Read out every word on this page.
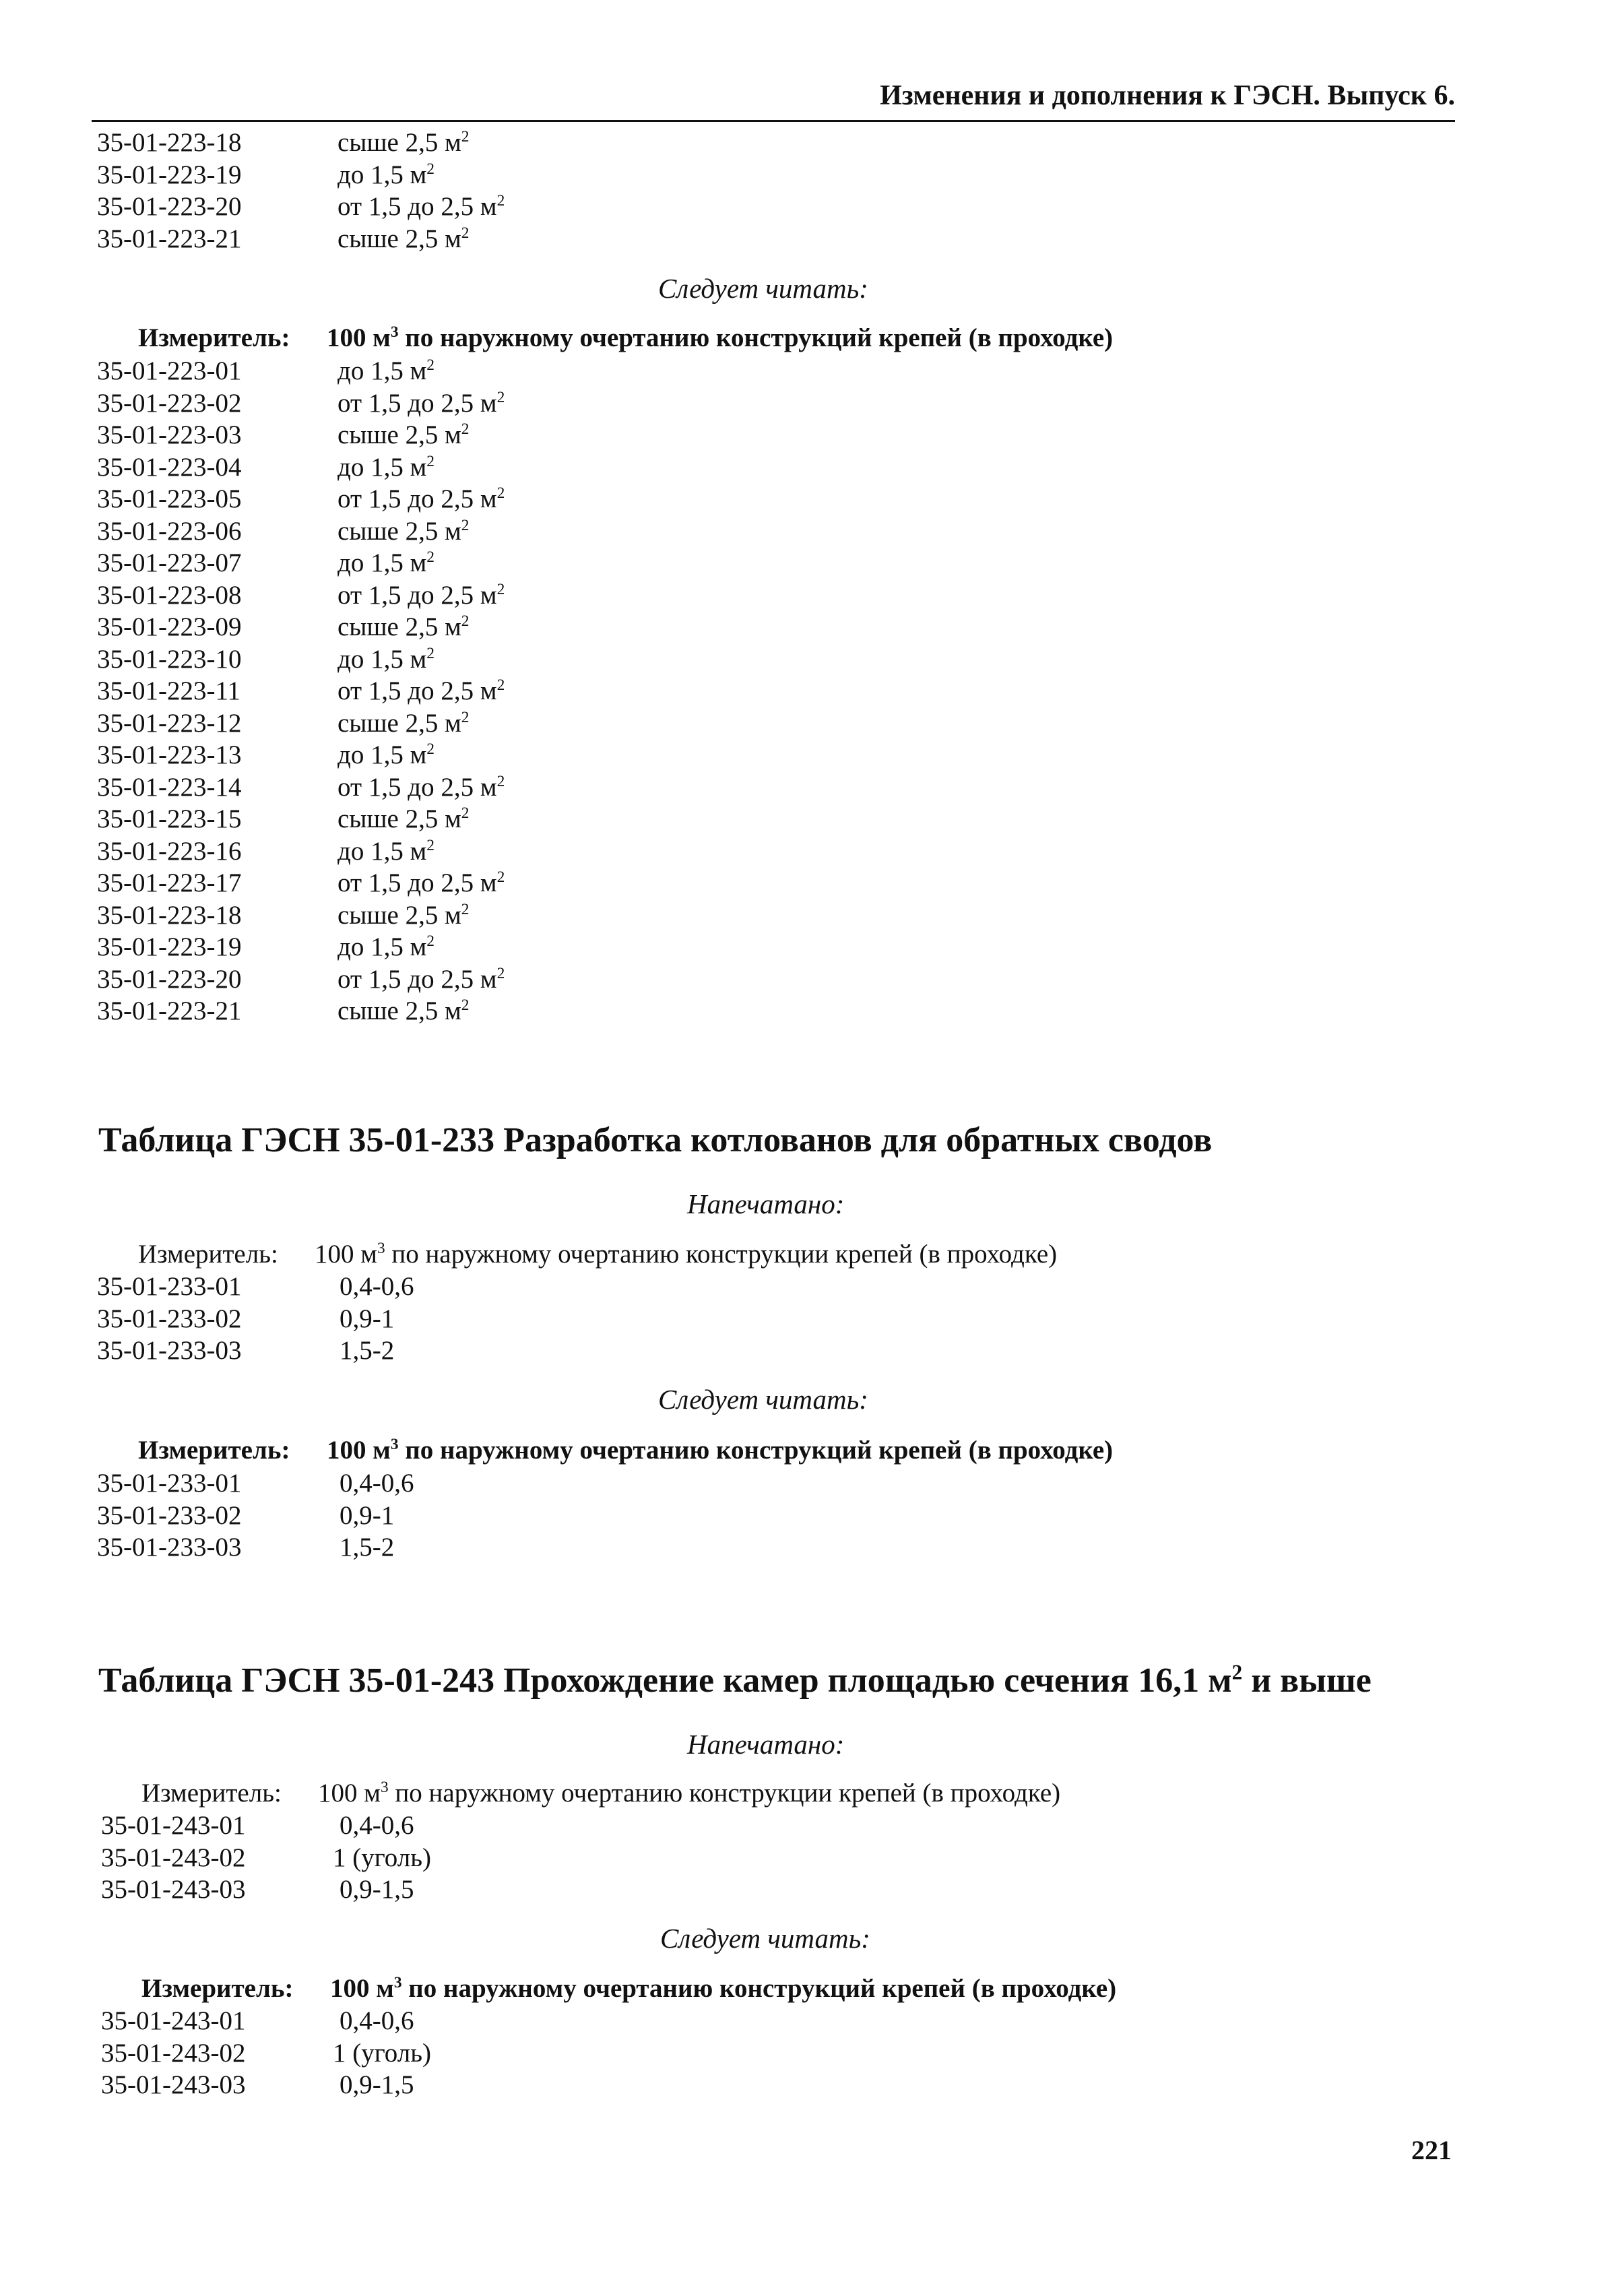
Изменения и дополнения к ГЭСН. Выпуск 6.
35-01-223-18	сыше 2,5 $м^2$
35-01-223-19	до 1,5 $м^2$
35-01-223-20	от 1,5 до 2,5 $м^2$
35-01-223-21	сыше 2,5 $м^2$
Следует читать:
Измеритель: 100 $м^3$ по наружному очертанию конструкций крепей (в проходке)
35-01-223-01	до 1,5 $м^2$
35-01-223-02	от 1,5 до 2,5 $м^2$
35-01-223-03	сыше 2,5 $м^2$
35-01-223-04	до 1,5 $м^2$
35-01-223-05	от 1,5 до 2,5 $м^2$
35-01-223-06	сыше 2,5 $м^2$
35-01-223-07	до 1,5 $м^2$
35-01-223-08	от 1,5 до 2,5 $м^2$
35-01-223-09	сыше 2,5 $м^2$
35-01-223-10	до 1,5 $м^2$
35-01-223-11	от 1,5 до 2,5 $м^2$
35-01-223-12	сыше 2,5 $м^2$
35-01-223-13	до 1,5 $м^2$
35-01-223-14	от 1,5 до 2,5 $м^2$
35-01-223-15	сыше 2,5 $м^2$
35-01-223-16	до 1,5 $м^2$
35-01-223-17	от 1,5 до 2,5 $м^2$
35-01-223-18	сыше 2,5 $м^2$
35-01-223-19	до 1,5 $м^2$
35-01-223-20	от 1,5 до 2,5 $м^2$
35-01-223-21	сыше 2,5 $м^2$
Таблица ГЭСН 35-01-233 Разработка котлованов для обратных сводов
Напечатано:
Измеритель: 100 $м^3$ по наружному очертанию конструкции крепей (в проходке)
35-01-233-01	0,4-0,6
35-01-233-02	0,9-1
35-01-233-03	1,5-2
Следует читать:
Измеритель: 100 $м^3$ по наружному очертанию конструкций крепей (в проходке)
35-01-233-01	0,4-0,6
35-01-233-02	0,9-1
35-01-233-03	1,5-2
Таблица ГЭСН 35-01-243 Прохождение камер площадью сечения 16,1 $м^2$ и выше
Напечатано:
Измеритель: 100 $м^3$ по наружному очертанию конструкции крепей (в проходке)
35-01-243-01	0,4-0,6
35-01-243-02	1 (уголь)
35-01-243-03	0,9-1,5
Следует читать:
Измеритель: 100 $м^3$ по наружному очертанию конструкций крепей (в проходке)
35-01-243-01	0,4-0,6
35-01-243-02	1 (уголь)
35-01-243-03	0,9-1,5
221
